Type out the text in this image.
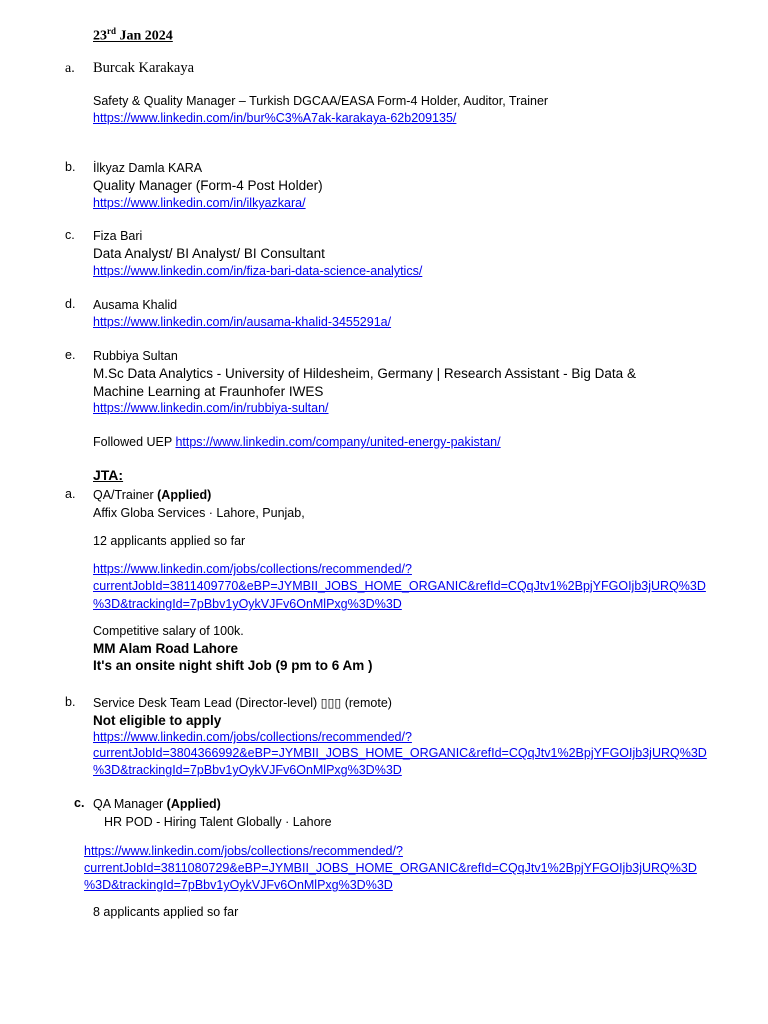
23rd Jan 2024
a. Burcak Karakaya
Safety & Quality Manager – Turkish DGCAA/EASA Form-4 Holder, Auditor, Trainer
https://www.linkedin.com/in/bur%C3%A7ak-karakaya-62b209135/
b. İlkyaz Damla KARA
Quality Manager (Form-4 Post Holder)
https://www.linkedin.com/in/ilkyazkara/
c. Fiza Bari
Data Analyst/ BI Analyst/ BI Consultant
https://www.linkedin.com/in/fiza-bari-data-science-analytics/
d. Ausama Khalid
https://www.linkedin.com/in/ausama-khalid-3455291a/
e. Rubbiya Sultan
M.Sc Data Analytics - University of Hildesheim, Germany | Research Assistant - Big Data &
Machine Learning at Fraunhofer IWES
https://www.linkedin.com/in/rubbiya-sultan/
Followed UEP https://www.linkedin.com/company/united-energy-pakistan/
JTA:
a. QA/Trainer (Applied)
Affix Globa Services · Lahore, Punjab,
12 applicants applied so far
https://www.linkedin.com/jobs/collections/recommended/?
currentJobId=3811409770&eBP=JYMBII_JOBS_HOME_ORGANIC&refId=CQqJtv1%2BpjYFGOIjb3jURQ%3D
%3D&trackingId=7pBbv1yOykVJFv6OnMlPxg%3D%3D
Competitive salary of 100k.
MM Alam Road Lahore
It's an onsite night shift Job (9 pm to 6 Am )
b. Service Desk Team Lead (Director-level) ▯▯▯ (remote)
Not eligible to apply
https://www.linkedin.com/jobs/collections/recommended/?
currentJobId=3804366992&eBP=JYMBII_JOBS_HOME_ORGANIC&refId=CQqJtv1%2BpjYFGOIjb3jURQ%3D
%3D&trackingId=7pBbv1yOykVJFv6OnMlPxg%3D%3D
c. QA Manager (Applied)
HR POD - Hiring Talent Globally · Lahore
https://www.linkedin.com/jobs/collections/recommended/?
currentJobId=3811080729&eBP=JYMBII_JOBS_HOME_ORGANIC&refId=CQqJtv1%2BpjYFGOIjb3jURQ%3D
%3D&trackingId=7pBbv1yOykVJFv6OnMlPxg%3D%3D
8 applicants applied so far
